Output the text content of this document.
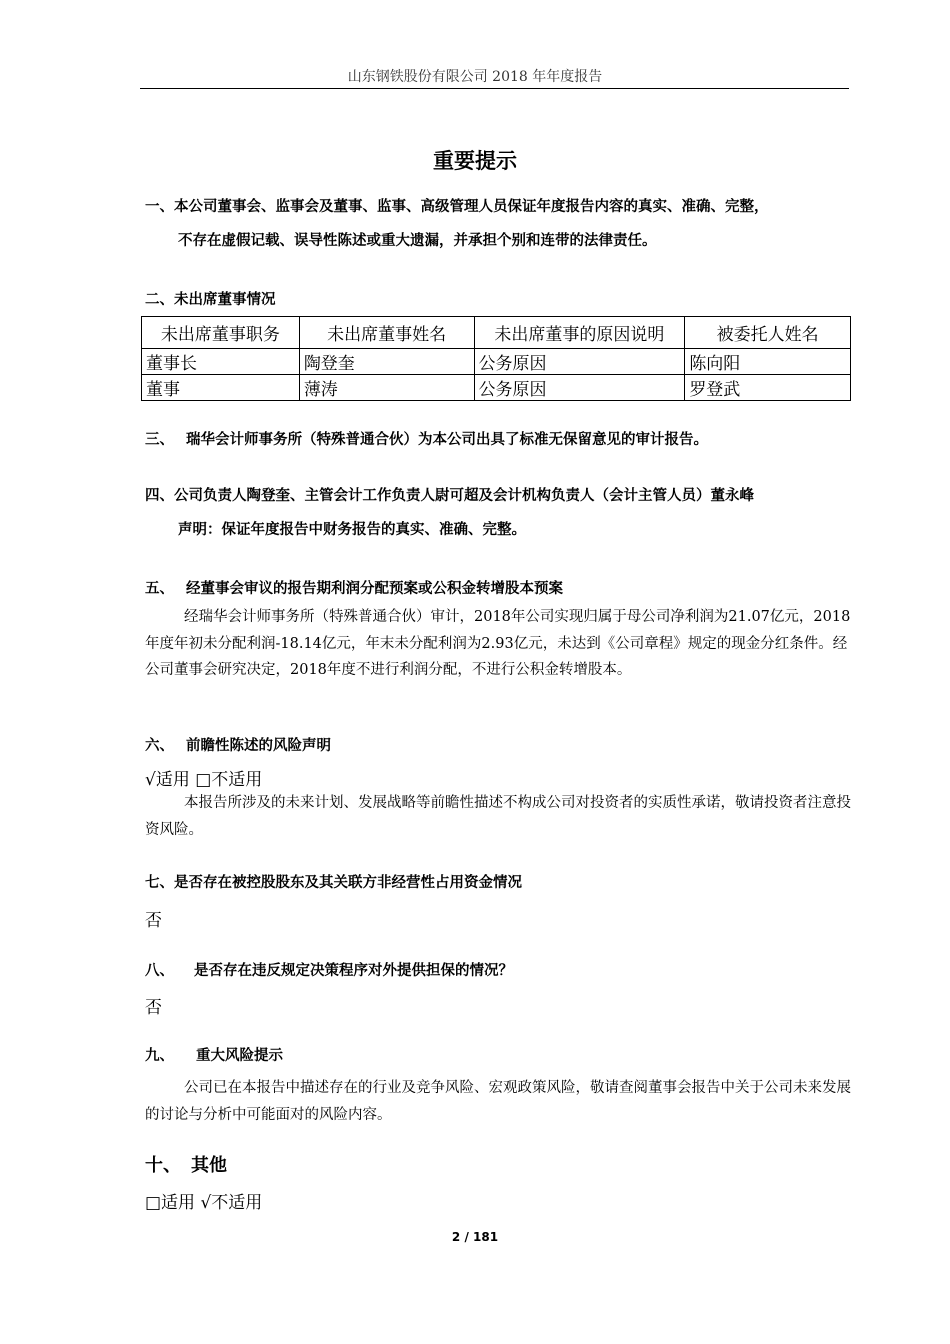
山东钢铁股份有限公司 2018 年年度报告
重要提示
一、本公司董事会、监事会及董事、监事、高级管理人员保证年度报告内容的真实、准确、完整，
不存在虚假记载、误导性陈述或重大遗漏，并承担个别和连带的法律责任。
二、未出席董事情况
未出席董事职务	未出席董事姓名	未出席董事的原因说明	被委托人姓名
董事长	陶登奎	公务原因	陈向阳
董事	薄涛	公务原因	罗登武
三、 瑞华会计师事务所（特殊普通合伙）为本公司出具了标准无保留意见的审计报告。
四、公司负责人陶登奎、主管会计工作负责人尉可超及会计机构负责人（会计主管人员）董永峰
声明：保证年度报告中财务报告的真实、准确、完整。
五、 经董事会审议的报告期利润分配预案或公积金转增股本预案
经瑞华会计师事务所（特殊普通合伙）审计，2018年公司实现归属于母公司净利润为21.07亿元，2018年度年初未分配利润-18.14亿元，年末未分配利润为2.93亿元，未达到《公司章程》规定的现金分红条件。经公司董事会研究决定，2018年度不进行利润分配，不进行公积金转增股本。
六、 前瞻性陈述的风险声明
√适用 □不适用
本报告所涉及的未来计划、发展战略等前瞻性描述不构成公司对投资者的实质性承诺，敬请投资者注意投资风险。
七、是否存在被控股股东及其关联方非经营性占用资金情况
否
八、 是否存在违反规定决策程序对外提供担保的情况？
否
九、 重大风险提示
公司已在本报告中描述存在的行业及竞争风险、宏观政策风险，敬请查阅董事会报告中关于公司未来发展的讨论与分析中可能面对的风险内容。
十、 其他
□适用 √不适用
2 / 181
